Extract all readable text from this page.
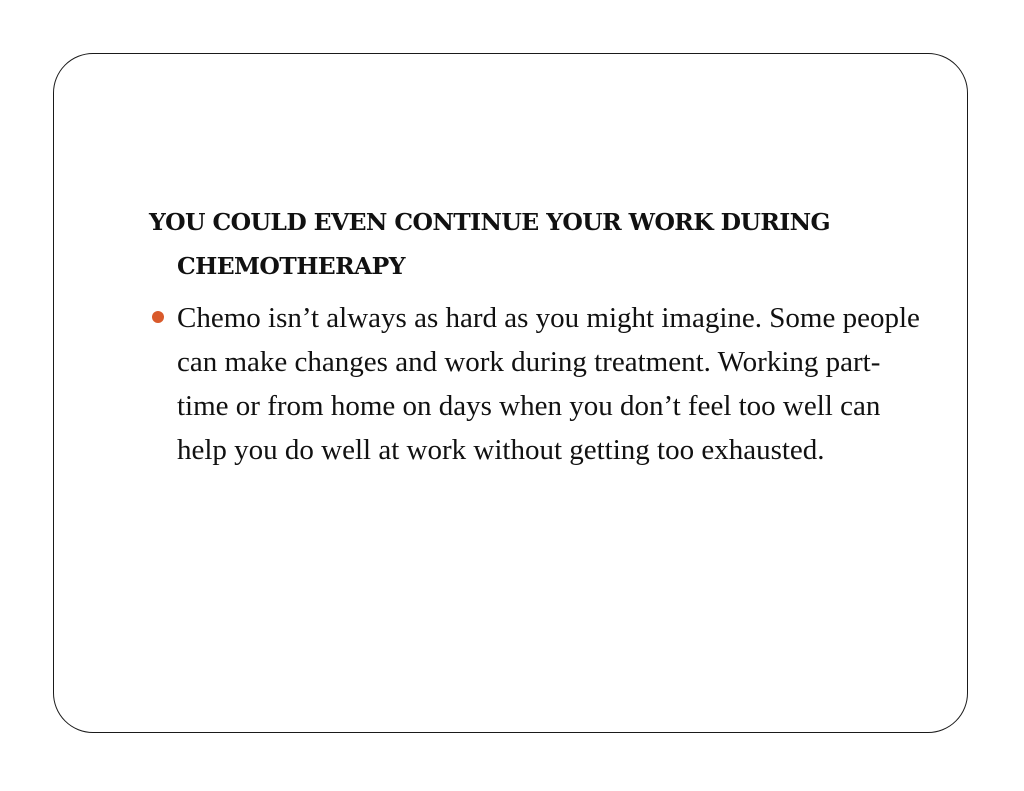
YOU COULD EVEN CONTINUE YOUR WORK DURING CHEMOTHERAPY
Chemo isn’t always as hard as you might imagine. Some people can make changes and work during treatment. Working part-time or from home on days when you don’t feel too well can help you do well at work without getting too exhausted.
